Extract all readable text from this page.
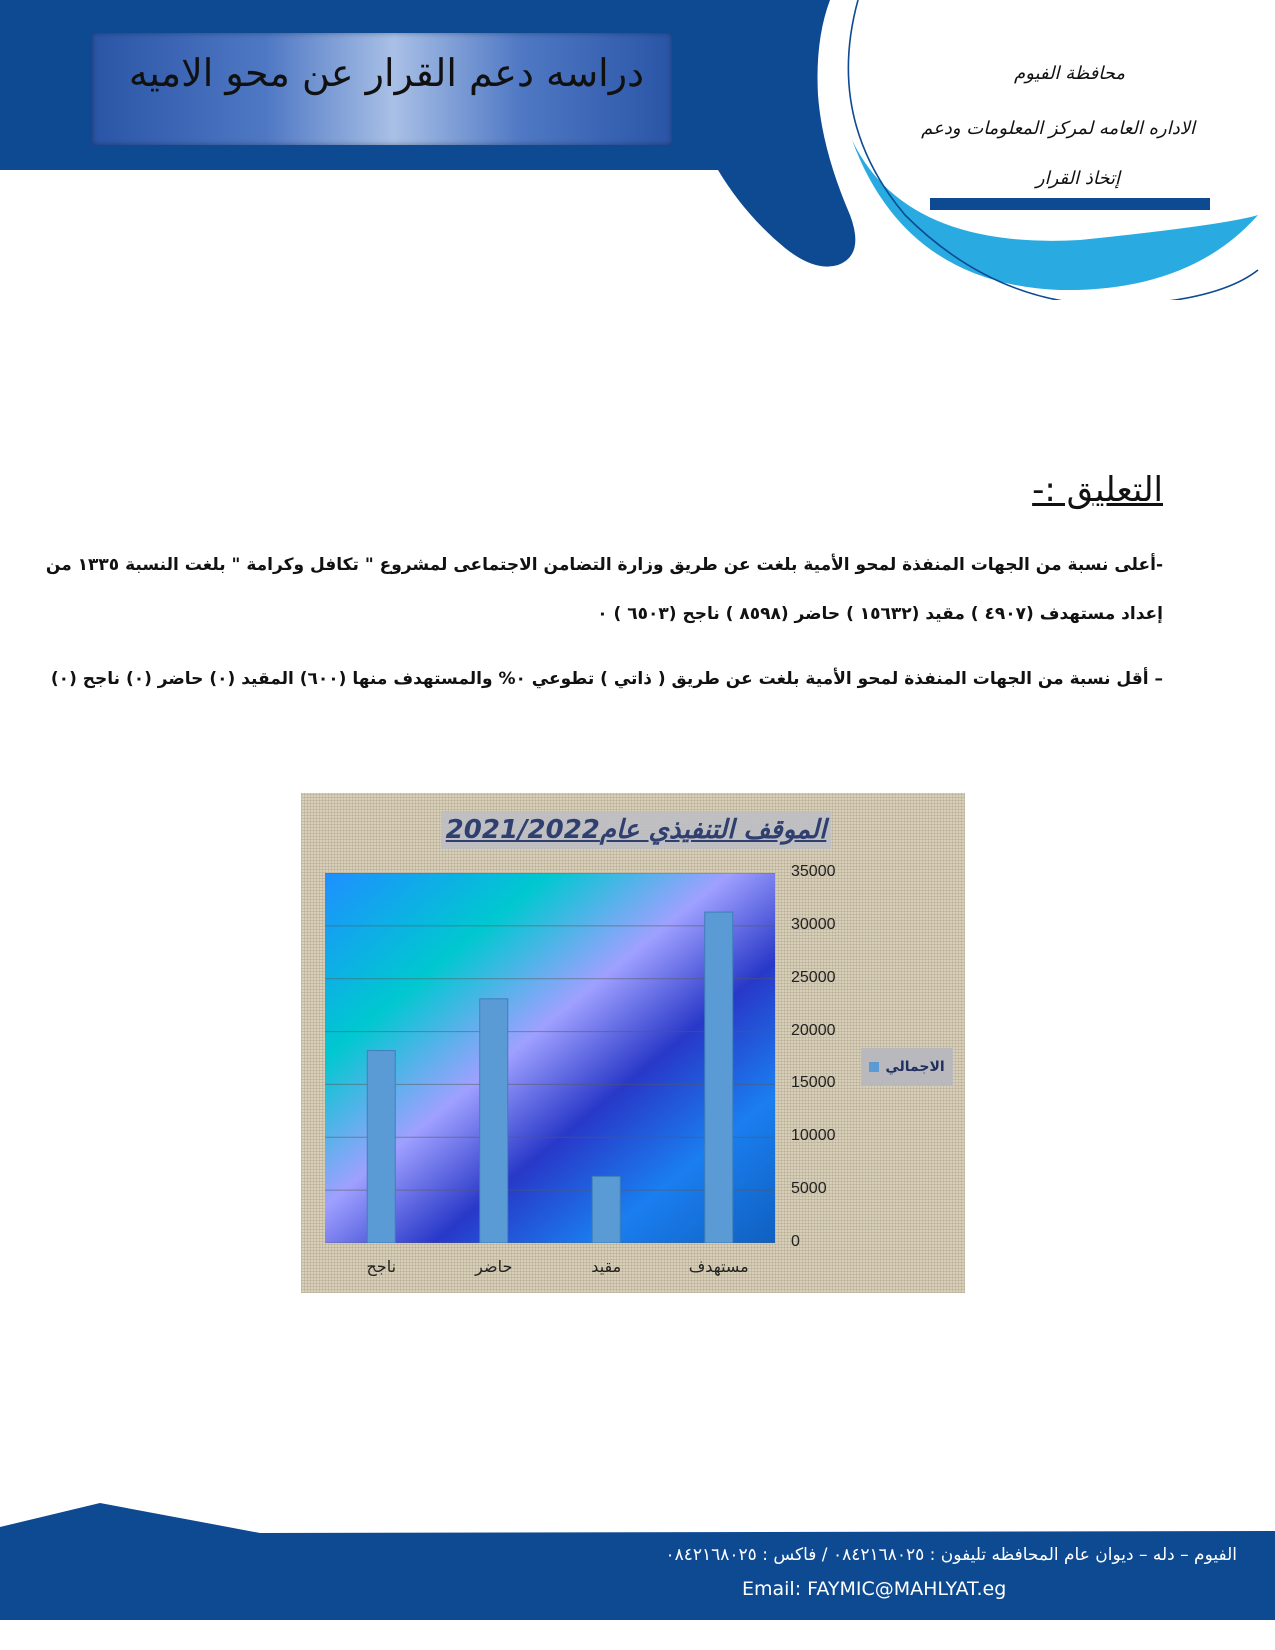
دراسه دعم القرار عن محو الاميه	محافظة الفيوم
الاداره العامه لمركز المعلومات ودعم
إتخاذ القرار
التعليق :-
-أعلى نسبة من الجهات المنفذة لمحو الأمية بلغت عن طريق وزارة التضامن الاجتماعى لمشروع " تكافل وكرامة " بلغت النسبة ١٣٣٥ من
إعداد مستهدف (٤٩٠٧ ) مقيد (١٥٦٣٢ ) حاضر (٨٥٩٨ ) ناجح (٦٥٠٣ ) ٠
– أقل نسبة من الجهات المنفذة لمحو الأمية بلغت عن طريق ( ذاتي ) تطوعي ٠% والمستهدف منها (٦٠٠) المقيد (٠) حاضر (٠) ناجح (٠)
الموقف التنفيذي عام2021/2022
35000
30000
25000
20000
15000
10000
5000
0
ناجح	حاضر	مقيد	مستهدف
الاجمالي
الفيوم – دله – ديوان عام المحافظه تليفون : ٠٨٤٢١٦٨٠٢٥ / فاكس : ٠٨٤٢١٦٨٠٢٥
Email: FAYMIC@MAHLYAT.eg
